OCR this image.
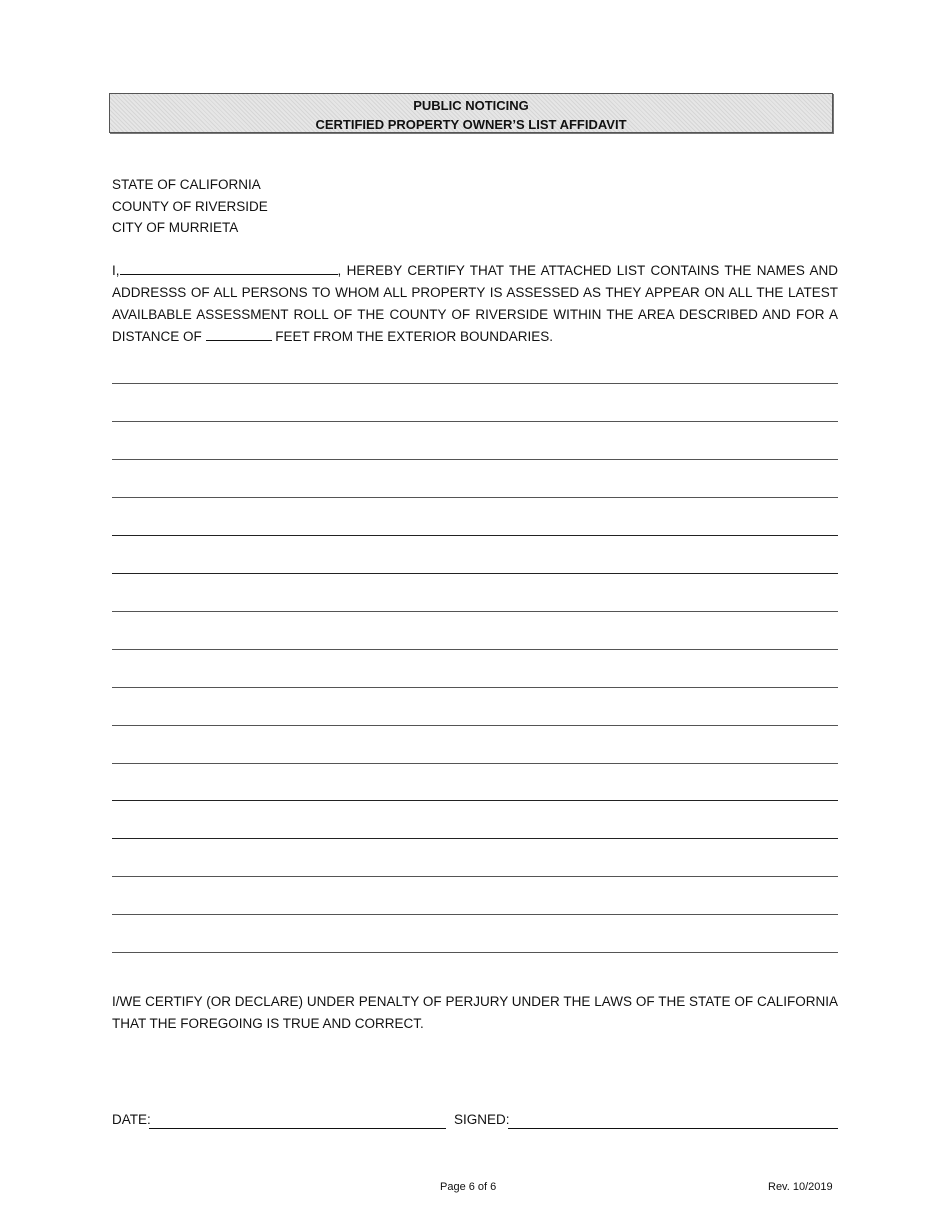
PUBLIC NOTICING
CERTIFIED PROPERTY OWNER’S LIST AFFIDAVIT
STATE OF CALIFORNIA
COUNTY OF RIVERSIDE
CITY OF MURRIETA
I,	, HEREBY CERTIFY THAT THE ATTACHED LIST CONTAINS THE NAMES AND ADDRESSS OF ALL PERSONS TO WHOM ALL PROPERTY IS ASSESSED AS THEY APPEAR ON ALL THE LATEST AVAILBABLE ASSESSMENT ROLL OF THE COUNTY OF RIVERSIDE WITHIN THE AREA DESCRIBED AND FOR A DISTANCE OF	FEET FROM THE EXTERIOR BOUNDARIES.
I/WE CERTIFY (OR DECLARE) UNDER PENALTY OF PERJURY UNDER THE LAWS OF THE STATE OF CALIFORNIA THAT THE FOREGOING IS TRUE AND CORRECT.
DATE:	SIGNED:
Page 6 of 6	Rev. 10/2019
